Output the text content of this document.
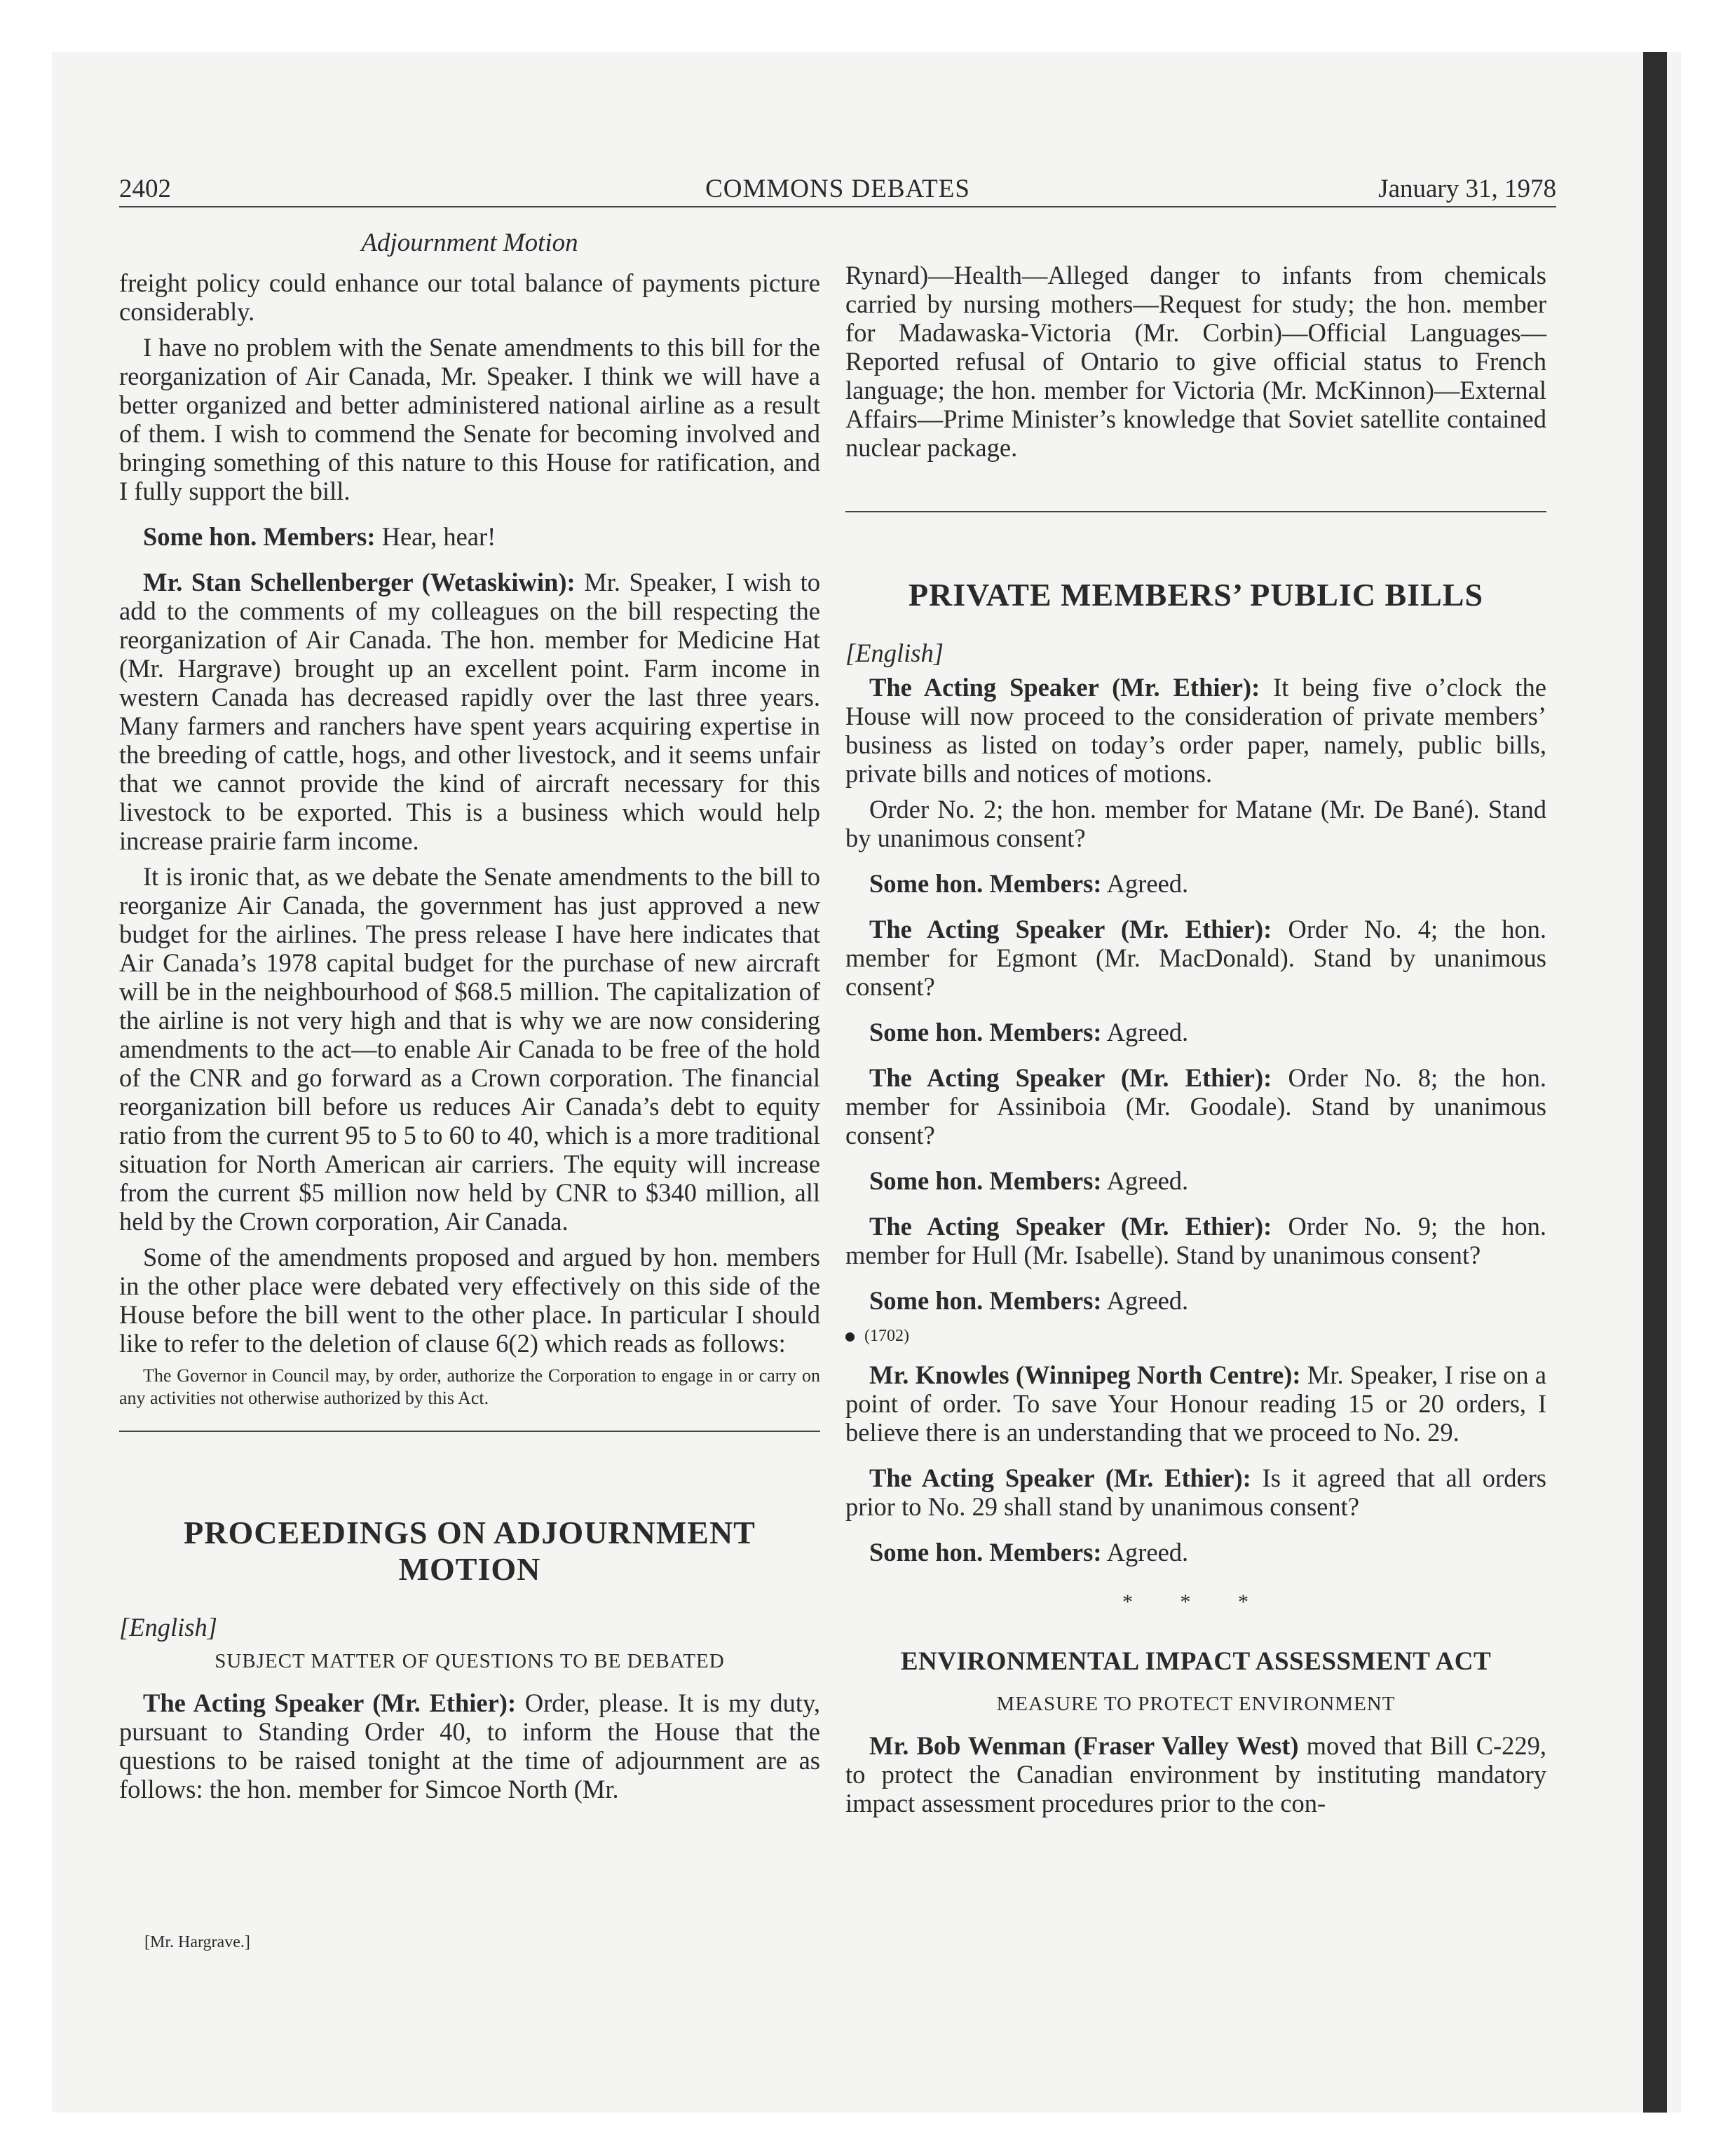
2402	COMMONS DEBATES	January 31, 1978
Adjournment Motion

freight policy could enhance our total balance of payments picture considerably.

I have no problem with the Senate amendments to this bill for the reorganization of Air Canada, Mr. Speaker. I think we will have a better organized and better administered national airline as a result of them. I wish to commend the Senate for becoming involved and bringing something of this nature to this House for ratification, and I fully support the bill.

Some hon. Members: Hear, hear!

Mr. Stan Schellenberger (Wetaskiwin): Mr. Speaker, I wish to add to the comments of my colleagues on the bill respecting the reorganization of Air Canada. The hon. member for Medicine Hat (Mr. Hargrave) brought up an excellent point. Farm income in western Canada has decreased rapidly over the last three years. Many farmers and ranchers have spent years acquiring expertise in the breeding of cattle, hogs, and other livestock, and it seems unfair that we cannot provide the kind of aircraft necessary for this livestock to be exported. This is a business which would help increase prairie farm income.

It is ironic that, as we debate the Senate amendments to the bill to reorganize Air Canada, the government has just approved a new budget for the airlines. The press release I have here indicates that Air Canada’s 1978 capital budget for the purchase of new aircraft will be in the neighbourhood of $68.5 million. The capitalization of the airline is not very high and that is why we are now considering amendments to the act—to enable Air Canada to be free of the hold of the CNR and go forward as a Crown corporation. The financial reorganization bill before us reduces Air Canada’s debt to equity ratio from the current 95 to 5 to 60 to 40, which is a more traditional situation for North American air carriers. The equity will increase from the current $5 million now held by CNR to $340 million, all held by the Crown corporation, Air Canada.

Some of the amendments proposed and argued by hon. members in the other place were debated very effectively on this side of the House before the bill went to the other place. In particular I should like to refer to the deletion of clause 6(2) which reads as follows:

The Governor in Council may, by order, authorize the Corporation to engage in or carry on any activities not otherwise authorized by this Act.

PROCEEDINGS ON ADJOURNMENT MOTION
[English]
SUBJECT MATTER OF QUESTIONS TO BE DEBATED

The Acting Speaker (Mr. Ethier): Order, please. It is my duty, pursuant to Standing Order 40, to inform the House that the questions to be raised tonight at the time of adjournment are as follows: the hon. member for Simcoe North (Mr.

Rynard)—Health—Alleged danger to infants from chemicals carried by nursing mothers—Request for study; the hon. member for Madawaska-Victoria (Mr. Corbin)—Official Languages—Reported refusal of Ontario to give official status to French language; the hon. member for Victoria (Mr. McKinnon)—External Affairs—Prime Minister’s knowledge that Soviet satellite contained nuclear package.

PRIVATE MEMBERS’ PUBLIC BILLS
[English]

The Acting Speaker (Mr. Ethier): It being five o’clock the House will now proceed to the consideration of private members’ business as listed on today’s order paper, namely, public bills, private bills and notices of motions.

Order No. 2; the hon. member for Matane (Mr. De Bané). Stand by unanimous consent?

Some hon. Members: Agreed.

The Acting Speaker (Mr. Ethier): Order No. 4; the hon. member for Egmont (Mr. MacDonald). Stand by unanimous consent?

Some hon. Members: Agreed.

The Acting Speaker (Mr. Ethier): Order No. 8; the hon. member for Assiniboia (Mr. Goodale). Stand by unanimous consent?

Some hon. Members: Agreed.

The Acting Speaker (Mr. Ethier): Order No. 9; the hon. member for Hull (Mr. Isabelle). Stand by unanimous consent?

Some hon. Members: Agreed.

(1702)

Mr. Knowles (Winnipeg North Centre): Mr. Speaker, I rise on a point of order. To save Your Honour reading 15 or 20 orders, I believe there is an understanding that we proceed to No. 29.

The Acting Speaker (Mr. Ethier): Is it agreed that all orders prior to No. 29 shall stand by unanimous consent?

Some hon. Members: Agreed.

* * *
ENVIRONMENTAL IMPACT ASSESSMENT ACT
MEASURE TO PROTECT ENVIRONMENT

Mr. Bob Wenman (Fraser Valley West) moved that Bill C-229, to protect the Canadian environment by instituting mandatory impact assessment procedures prior to the con-

[Mr. Hargrave.]
